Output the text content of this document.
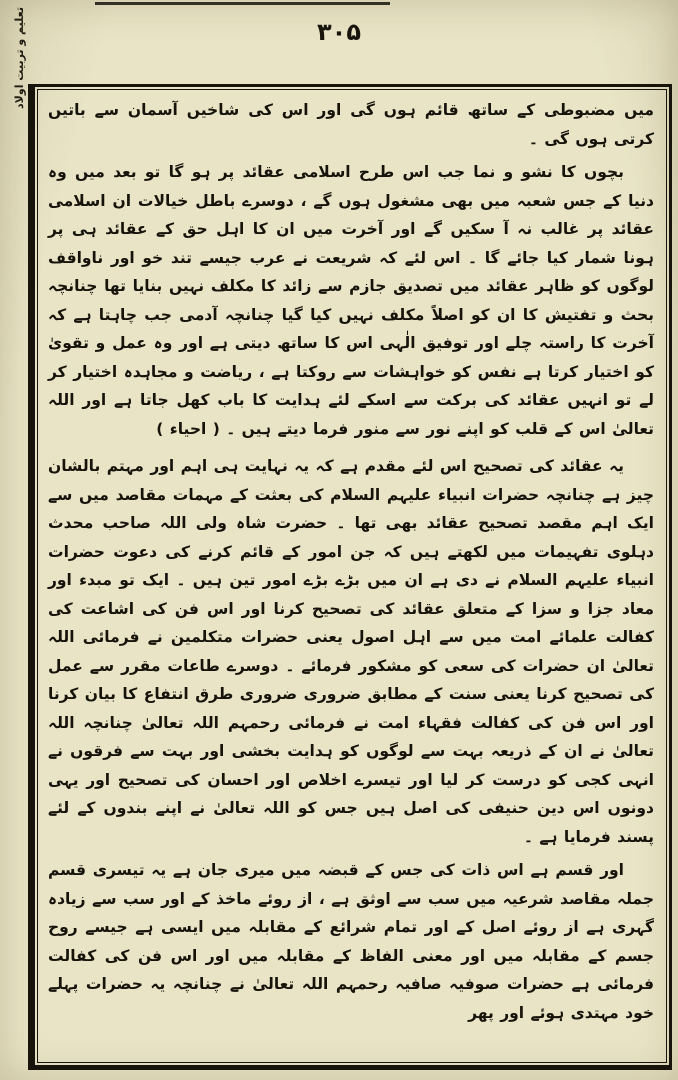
تعلیم و تربیت اولاد	۳۰۵

میں مضبوطی کے ساتھ قائم ہوں گی اور اس کی شاخیں آسمان سے باتیں کرتی ہوں گی ۔

بچوں کا نشو و نما جب اس طرح اسلامی عقائد پر ہو گا تو بعد میں وہ دنیا کے جس شعبہ میں بھی مشغول ہوں گے ، دوسرے باطل خیالات ان اسلامی عقائد پر غالب نہ آ سکیں گے اور آخرت میں ان کا اہل حق کے عقائد ہی پر ہونا شمار کیا جائے گا ۔ اس لئے کہ شریعت نے عرب جیسے تند خو اور ناواقف لوگوں کو ظاہر عقائد میں تصدیق جازم سے زائد کا مکلف نہیں بنایا تھا چنانچہ بحث و تفتیش کا ان کو اصلاً مکلف نہیں کیا گیا چنانچہ آدمی جب چاہتا ہے کہ آخرت کا راستہ چلے اور توفیق الٰہی اس کا ساتھ دیتی ہے اور وہ عمل و تقویٰ کو اختیار کرتا ہے نفس کو خواہشات سے روکتا ہے ، ریاضت و مجاہدہ اختیار کر لے تو انہیں عقائد کی برکت سے اسکے لئے ہدایت کا باب کھل جاتا ہے اور اللہ تعالیٰ اس کے قلب کو اپنے نور سے منور فرما دیتے ہیں ۔ ( احیاء )

یہ عقائد کی تصحیح اس لئے مقدم ہے کہ یہ نہایت ہی اہم اور مہتم بالشان چیز ہے چنانچہ حضرات انبیاء علیہم السلام کی بعثت کے مہمات مقاصد میں سے ایک اہم مقصد تصحیح عقائد بھی تھا ۔ حضرت شاہ ولی اللہ صاحب محدث دہلوی تفہیمات میں لکھتے ہیں کہ جن امور کے قائم کرنے کی دعوت حضرات انبیاء علیہم السلام نے دی ہے ان میں بڑے بڑے امور تین ہیں ۔ ایک تو مبدء اور معاد جزا و سزا کے متعلق عقائد کی تصحیح کرنا اور اس فن کی اشاعت کی کفالت علمائے امت میں سے اہل اصول یعنی حضرات متکلمین نے فرمائی اللہ تعالیٰ ان حضرات کی سعی کو مشکور فرمائے ۔ دوسرے طاعات مقرر سے عمل کی تصحیح کرنا یعنی سنت کے مطابق ضروری ضروری طرق انتفاع کا بیان کرنا اور اس فن کی کفالت فقہاء امت نے فرمائی رحمہم اللہ تعالیٰ چنانچہ اللہ تعالیٰ نے ان کے ذریعہ بہت سے لوگوں کو ہدایت بخشی اور بہت سے فرقوں نے انہی کجی کو درست کر لیا اور تیسرے اخلاص اور احسان کی تصحیح اور یہی دونوں اس دین حنیفی کی اصل ہیں جس کو اللہ تعالیٰ نے اپنے بندوں کے لئے پسند فرمایا ہے ۔

اور قسم ہے اس ذات کی جس کے قبضہ میں میری جان ہے یہ تیسری قسم جملہ مقاصد شرعیہ میں سب سے اوثق ہے ، از روئے ماخذ کے اور سب سے زیادہ گہری ہے از روئے اصل کے اور تمام شرائع کے مقابلہ میں ایسی ہے جیسے روح جسم کے مقابلہ میں اور معنی الفاظ کے مقابلہ میں اور اس فن کی کفالت فرمائی ہے حضرات صوفیہ صافیہ رحمہم اللہ تعالیٰ نے چنانچہ یہ حضرات پہلے خود مہتدی ہوئے اور پھر
